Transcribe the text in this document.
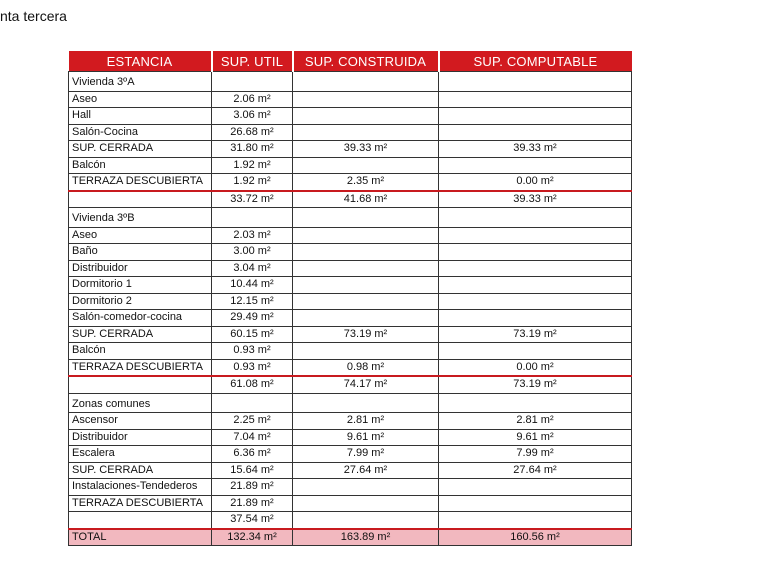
nta tercera
ESTANCIA	SUP. UTIL	SUP. CONSTRUIDA	SUP. COMPUTABLE
Vivienda 3ºA			
Aseo	2.06 m²		
Hall	3.06 m²		
Salón-Cocina	26.68 m²		
SUP. CERRADA	31.80 m²	39.33 m²	39.33 m²
Balcón	1.92 m²		
TERRAZA DESCUBIERTA	1.92 m²	2.35 m²	0.00 m²
	33.72 m²	41.68 m²	39.33 m²
Vivienda 3ºB			
Aseo	2.03 m²		
Baño	3.00 m²		
Distribuidor	3.04 m²		
Dormitorio 1	10.44 m²		
Dormitorio 2	12.15 m²		
Salón-comedor-cocina	29.49 m²		
SUP. CERRADA	60.15 m²	73.19 m²	73.19 m²
Balcón	0.93 m²		
TERRAZA DESCUBIERTA	0.93 m²	0.98 m²	0.00 m²
	61.08 m²	74.17 m²	73.19 m²
Zonas comunes			
Ascensor	2.25 m²	2.81 m²	2.81 m²
Distribuidor	7.04 m²	9.61 m²	9.61 m²
Escalera	6.36 m²	7.99 m²	7.99 m²
SUP. CERRADA	15.64 m²	27.64 m²	27.64 m²
Instalaciones-Tendederos	21.89 m²		
TERRAZA DESCUBIERTA	21.89 m²		
	37.54 m²		
TOTAL	132.34 m²	163.89 m²	160.56 m²
